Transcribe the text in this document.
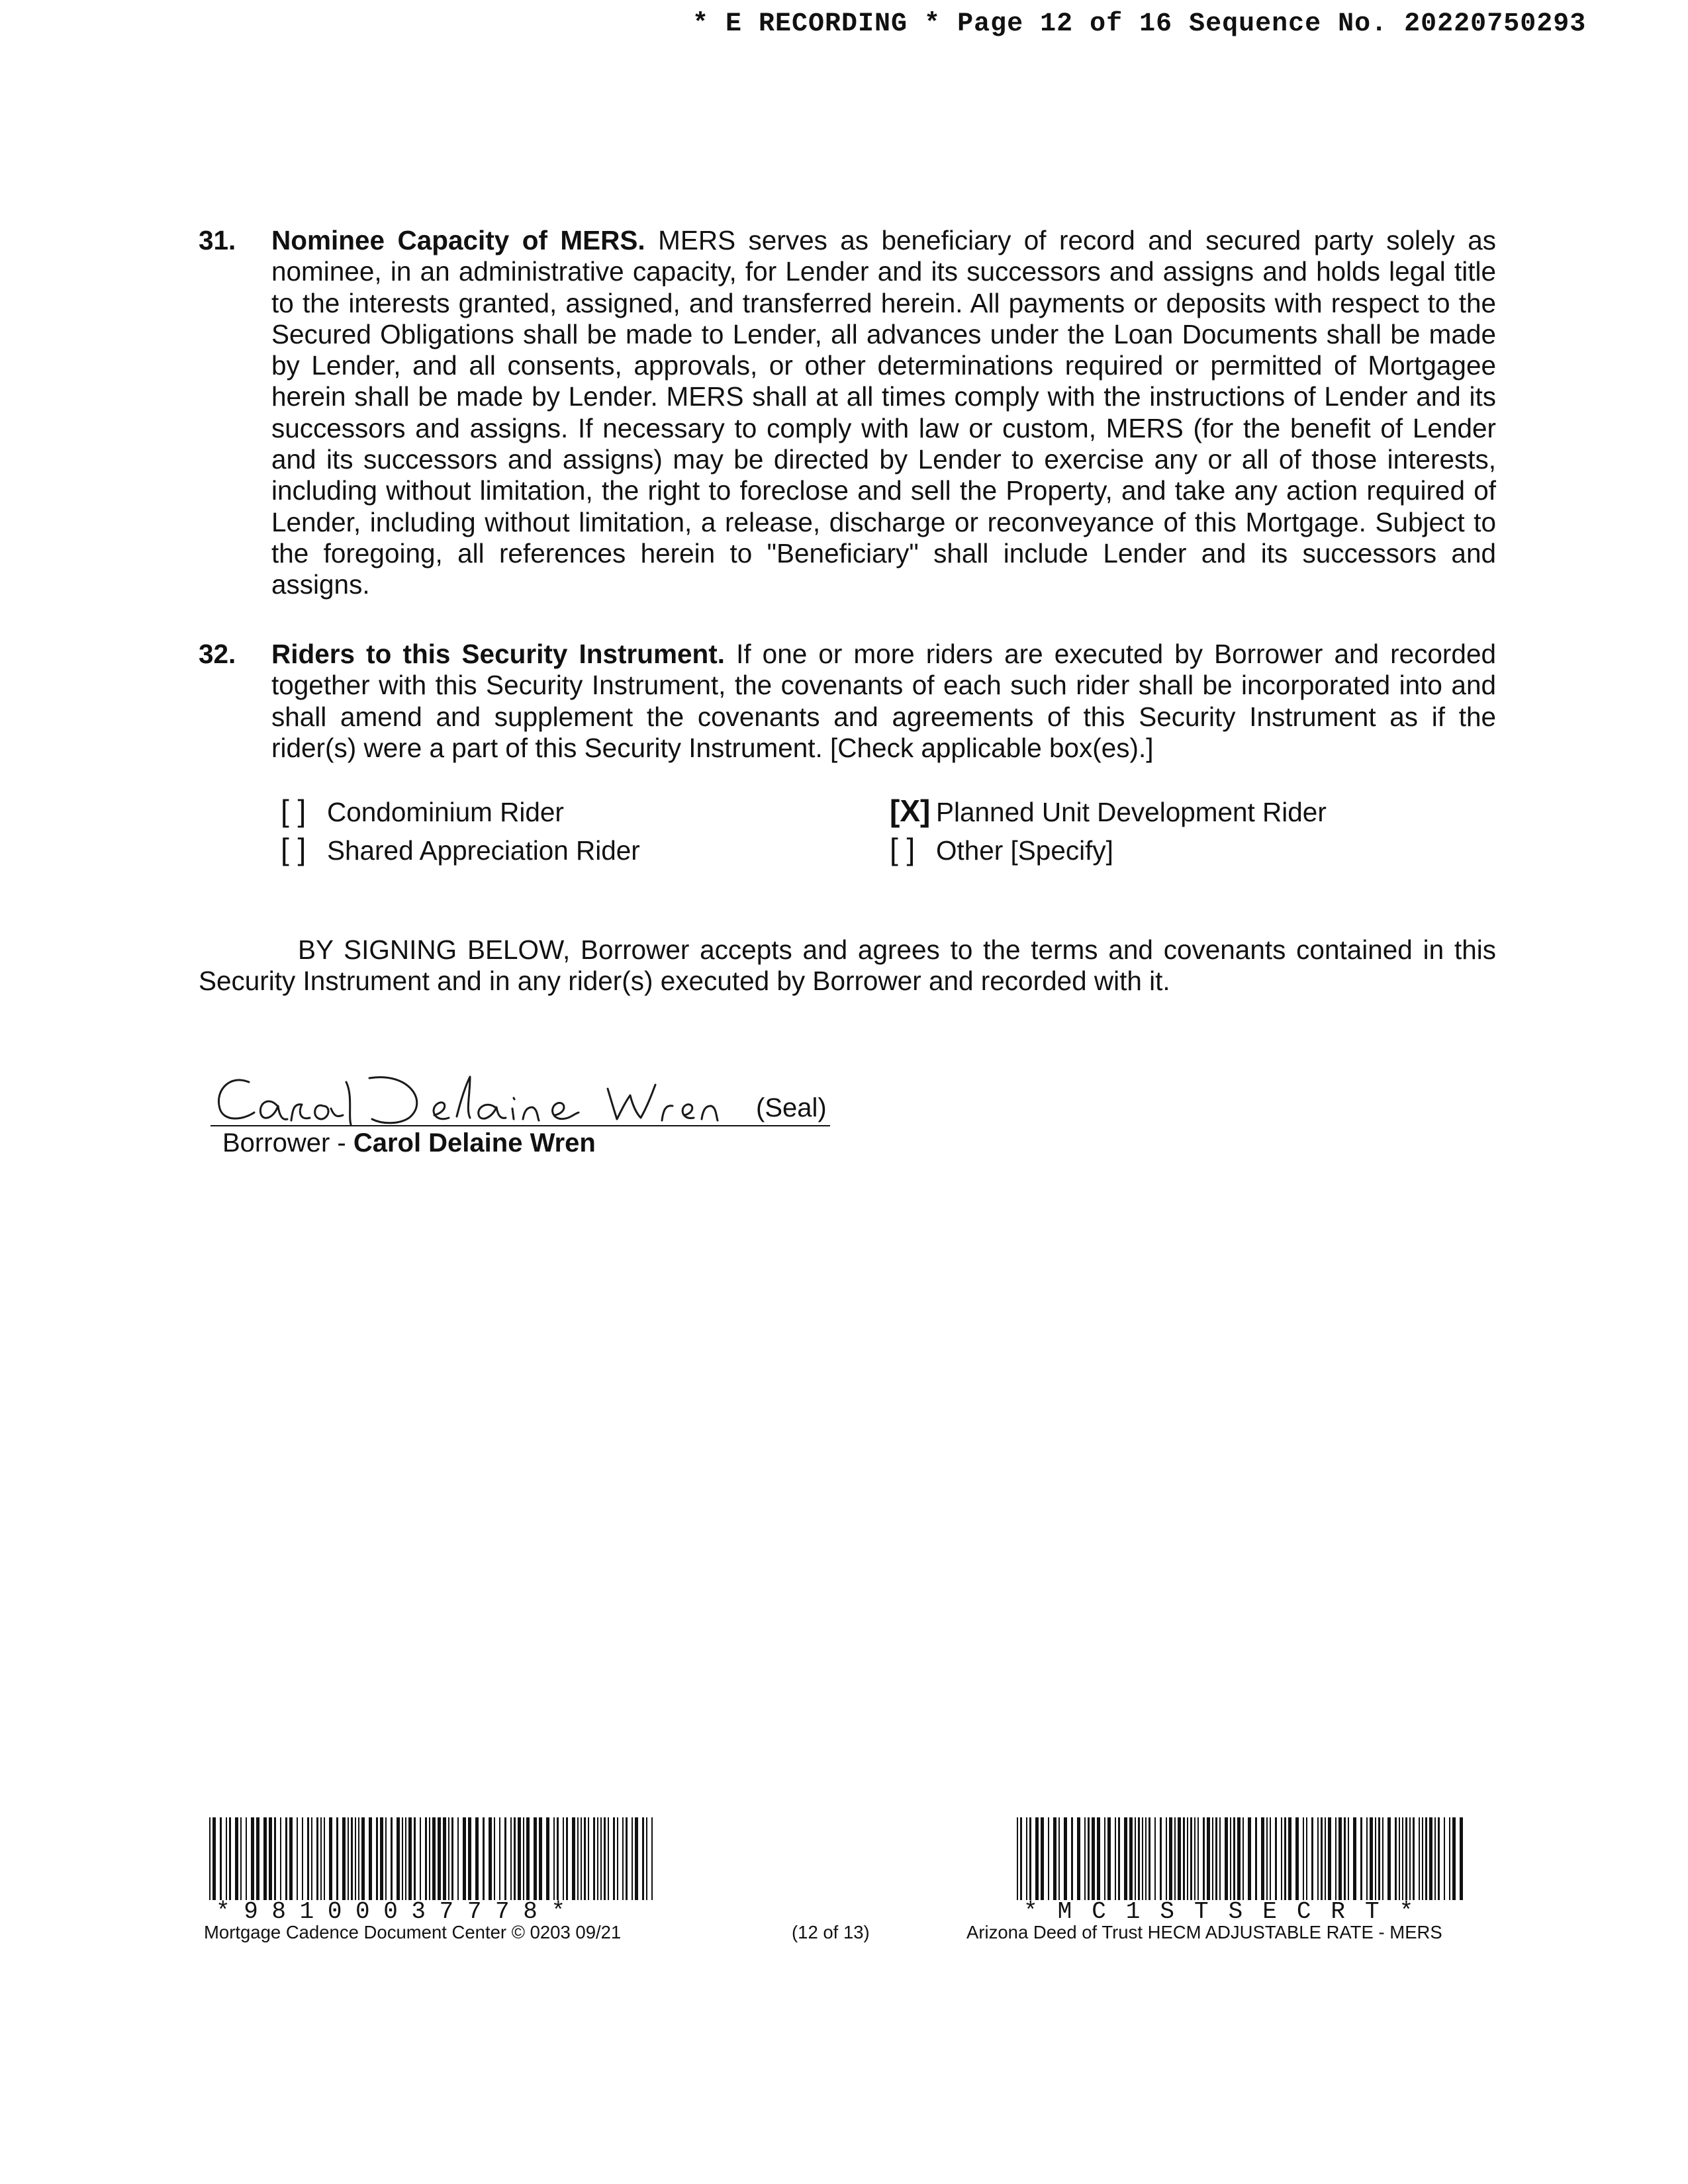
* E RECORDING * Page 12 of 16 Sequence No. 20220750293
31. Nominee Capacity of MERS. MERS serves as beneficiary of record and secured party solely as nominee, in an administrative capacity, for Lender and its successors and assigns and holds legal title to the interests granted, assigned, and transferred herein. All payments or deposits with respect to the Secured Obligations shall be made to Lender, all advances under the Loan Documents shall be made by Lender, and all consents, approvals, or other determinations required or permitted of Mortgagee herein shall be made by Lender. MERS shall at all times comply with the instructions of Lender and its successors and assigns. If necessary to comply with law or custom, MERS (for the benefit of Lender and its successors and assigns) may be directed by Lender to exercise any or all of those interests, including without limitation, the right to foreclose and sell the Property, and take any action required of Lender, including without limitation, a release, discharge or reconveyance of this Mortgage. Subject to the foregoing, all references herein to "Beneficiary" shall include Lender and its successors and assigns.
32. Riders to this Security Instrument. If one or more riders are executed by Borrower and recorded together with this Security Instrument, the covenants of each such rider shall be incorporated into and shall amend and supplement the covenants and agreements of this Security Instrument as if the rider(s) were a part of this Security Instrument. [Check applicable box(es).]
[ ] Condominium Rider	[X] Planned Unit Development Rider
[ ] Shared Appreciation Rider	[ ] Other [Specify]
BY SIGNING BELOW, Borrower accepts and agrees to the terms and covenants contained in this Security Instrument and in any rider(s) executed by Borrower and recorded with it.
(Seal)
Borrower - Carol Delaine Wren
*98100037778*	*MC1STSECRT*
Mortgage Cadence Document Center © 0203 09/21	(12 of 13)	Arizona Deed of Trust HECM ADJUSTABLE RATE - MERS
